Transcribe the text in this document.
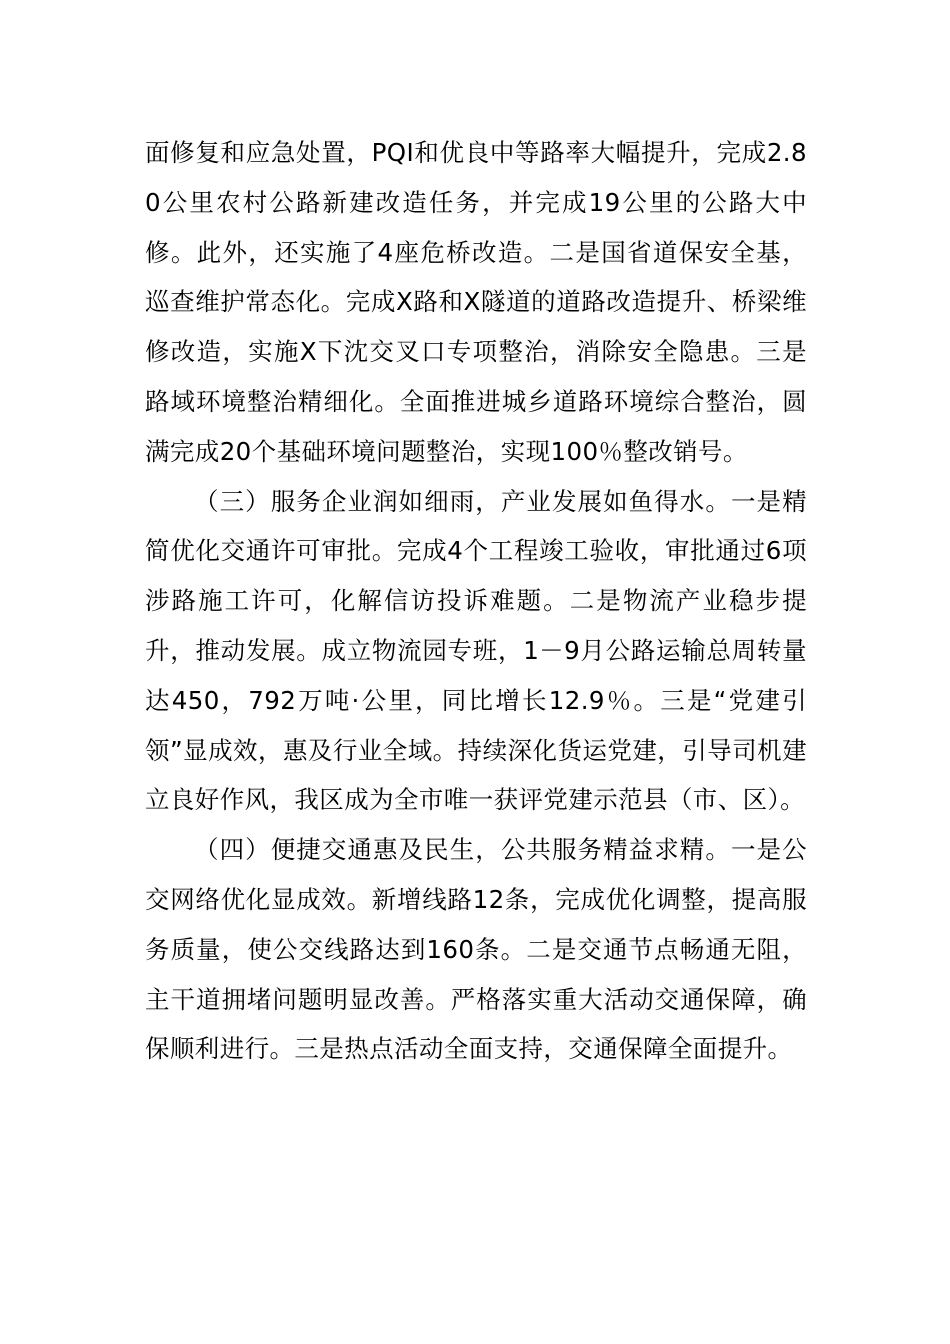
面修复和应急处置，PQI和优良中等路率大幅提升，完成2.80公里农村公路新建改造任务，并完成19公里的公路大中修。此外，还实施了4座危桥改造。二是国省道保安全基，巡查维护常态化。完成X路和X隧道的道路改造提升、桥梁维修改造，实施X下沈交叉口专项整治，消除安全隐患。三是路域环境整治精细化。全面推进城乡道路环境综合整治，圆满完成20个基础环境问题整治，实现100％整改销号。

（三）服务企业润如细雨，产业发展如鱼得水。一是精简优化交通许可审批。完成4个工程竣工验收，审批通过6项涉路施工许可，化解信访投诉难题。二是物流产业稳步提升，推动发展。成立物流园专班，1－9月公路运输总周转量达450，792万吨·公里，同比增长12.9％。三是“党建引领”显成效，惠及行业全域。持续深化货运党建，引导司机建立良好作风，我区成为全市唯一获评党建示范县（市、区）。

（四）便捷交通惠及民生，公共服务精益求精。一是公交网络优化显成效。新增线路12条，完成优化调整，提高服务质量，使公交线路达到160条。二是交通节点畅通无阻，主干道拥堵问题明显改善。严格落实重大活动交通保障，确保顺利进行。三是热点活动全面支持，交通保障全面提升。
